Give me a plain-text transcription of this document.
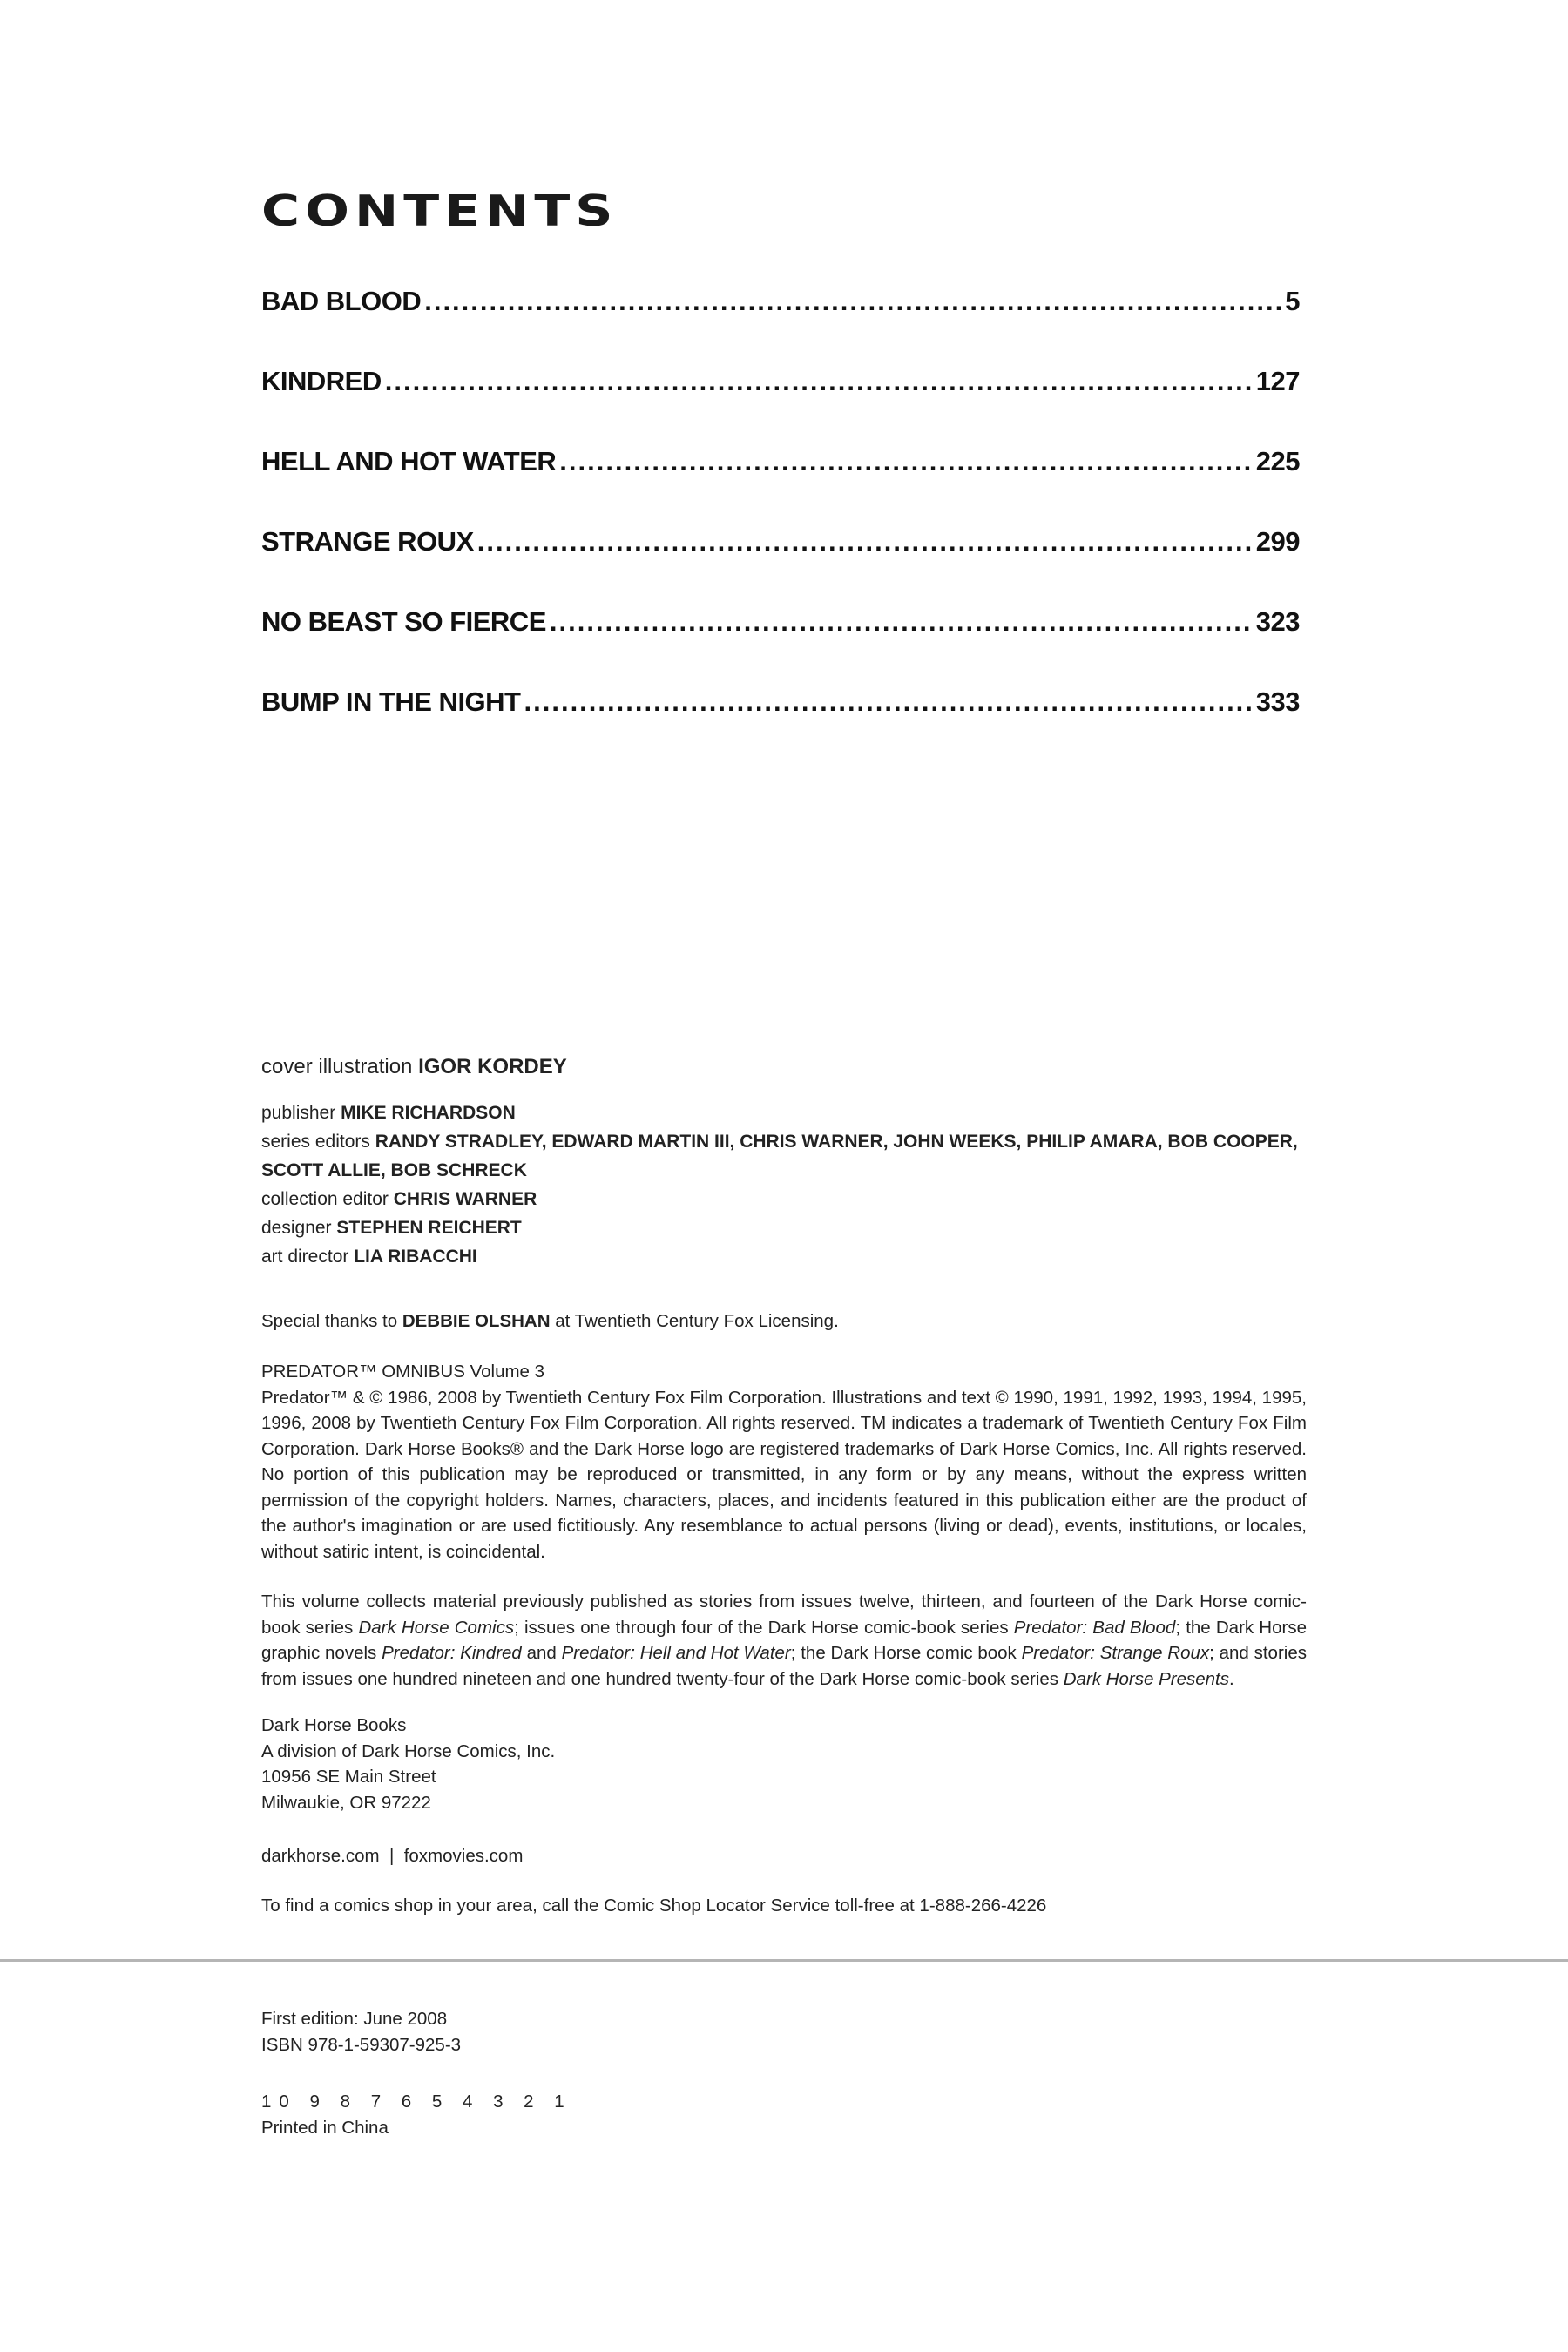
CONTENTS
BAD BLOOD .....	5
KINDRED .....	127
HELL AND HOT WATER .....	225
STRANGE ROUX .....	299
NO BEAST SO FIERCE .....	323
BUMP IN THE NIGHT .....	333

cover illustration IGOR KORDEY

publisher MIKE RICHARDSON

series editors RANDY STRADLEY, EDWARD MARTIN III, CHRIS WARNER, JOHN WEEKS, PHILIP AMARA, BOB COOPER, SCOTT ALLIE, BOB SCHRECK

collection editor CHRIS WARNER

designer STEPHEN REICHERT

art director LIA RIBACCHI

Special thanks to DEBBIE OLSHAN at Twentieth Century Fox Licensing.

PREDATOR™ OMNIBUS Volume 3

Predator™ & © 1986, 2008 by Twentieth Century Fox Film Corporation. Illustrations and text © 1990, 1991, 1992, 1993, 1994, 1995, 1996, 2008 by Twentieth Century Fox Film Corporation. All rights reserved. TM indicates a trademark of Twentieth Century Fox Film Corporation. Dark Horse Books® and the Dark Horse logo are registered trademarks of Dark Horse Comics, Inc. All rights reserved. No portion of this publication may be reproduced or transmitted, in any form or by any means, without the express written permission of the copyright holders. Names, characters, places, and incidents featured in this publication either are the product of the author's imagination or are used fictitiously. Any resemblance to actual persons (living or dead), events, institutions, or locales, without satiric intent, is coincidental.

This volume collects material previously published as stories from issues twelve, thirteen, and fourteen of the Dark Horse comic-book series Dark Horse Comics; issues one through four of the Dark Horse comic-book series Predator: Bad Blood; the Dark Horse graphic novels Predator: Kindred and Predator: Hell and Hot Water; the Dark Horse comic book Predator: Strange Roux; and stories from issues one hundred nineteen and one hundred twenty-four of the Dark Horse comic-book series Dark Horse Presents.

Dark Horse Books

A division of Dark Horse Comics, Inc.

10956 SE Main Street

Milwaukie, OR 97222

darkhorse.com  |  foxmovies.com

To find a comics shop in your area, call the Comic Shop Locator Service toll-free at 1-888-266-4226

First edition: June 2008

ISBN 978-1-59307-925-3

10 9 8 7 6 5 4 3 2 1

Printed in China
